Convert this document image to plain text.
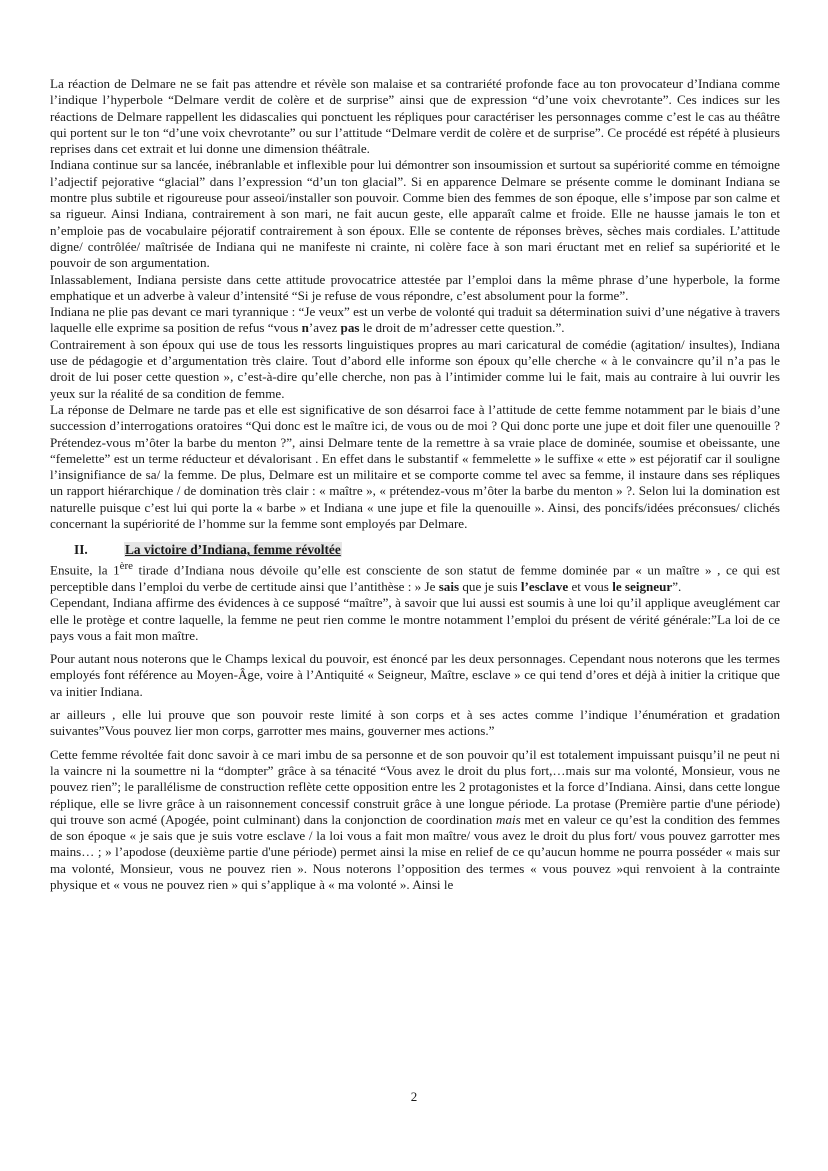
La réaction de Delmare ne se fait pas attendre et révèle son malaise et sa contrariété profonde face au ton provocateur d’Indiana comme l’indique l’hyperbole “Delmare verdit de colère et de surprise” ainsi que de expression “d’une voix chevrotante”. Ces indices sur les réactions de Delmare rappellent les didascalies qui ponctuent les répliques pour caractériser les personnages comme c’est le cas au théâtre qui portent sur le ton “d’une voix chevrotante” ou sur l’attitude “Delmare verdit de colère et de surprise”. Ce procédé est répété à plusieurs reprises dans cet extrait et lui donne une dimension théâtrale.

Indiana continue sur sa lancée, inébranlable et inflexible pour lui démontrer son insoumission et surtout sa supériorité comme en témoigne l’adjectif pejorative “glacial” dans l’expression “d’un ton glacial”. Si en apparence Delmare se présente comme le dominant Indiana se montre plus subtile et rigoureuse pour asseoi/installer son pouvoir. Comme bien des femmes de son époque, elle s’impose par son calme et sa rigueur. Ainsi Indiana, contrairement à son mari, ne fait aucun geste, elle apparaît calme et froide. Elle ne hausse jamais le ton et n’emploie pas de vocabulaire péjoratif contrairement à son époux. Elle se contente de réponses brèves, sèches mais cordiales. L’attitude digne/ contrôlée/ maîtrisée de Indiana qui ne manifeste ni crainte, ni colère face à son mari éructant met en relief sa supériorité et le pouvoir de son argumentation.

Inlassablement, Indiana persiste dans cette attitude provocatrice attestée par l’emploi dans la même phrase d’une hyperbole, la forme emphatique et un adverbe à valeur d’intensité “Si je refuse de vous répondre, c’est absolument pour la forme”.

Indiana ne plie pas devant ce mari tyrannique : “Je veux” est un verbe de volonté qui traduit sa détermination suivi d’une négative à travers laquelle elle exprime sa position de refus “vous n’avez pas le droit de m’adresser cette question.”.

Contrairement à son époux qui use de tous les ressorts linguistiques propres au mari caricatural de comédie (agitation/ insultes), Indiana use de pédagogie et d’argumentation très claire. Tout d’abord elle informe son époux qu’elle cherche « à le convaincre qu’il n’a pas le droit de lui poser cette question », c’est-à-dire qu’elle cherche, non pas à l’intimider comme lui le fait, mais au contraire à lui ouvrir les yeux sur la réalité de sa condition de femme.

La réponse de Delmare ne tarde pas et elle est significative de son désarroi face à l’attitude de cette femme notamment par le biais d’une succession d’interrogations oratoires “Qui donc est le maître ici, de vous ou de moi ? Qui donc porte une jupe et doit filer une quenouille ? Prétendez-vous m’ôter la barbe du menton ?”, ainsi Delmare tente de la remettre à sa vraie place de dominée, soumise et obeissante, une “femelette” est un terme réducteur et dévalorisant . En effet dans le substantif « femmelette » le suffixe « ette » est péjoratif car il souligne l’insignifiance de sa/ la femme. De plus, Delmare est un militaire et se comporte comme tel avec sa femme, il instaure dans ses répliques un rapport hiérarchique / de domination très clair : « maître », « prétendez-vous m’ôter la barbe du menton » ?. Selon lui la domination est naturelle puisque c’est lui qui porte la « barbe » et Indiana « une jupe et file la quenouille ». Ainsi, des poncifs/idées préconsues/ clichés concernant la supériorité de l’homme sur la femme sont employés par Delmare.

II.	La victoire d’Indiana, femme révoltée

Ensuite, la 1ère tirade d’Indiana nous dévoile qu’elle est consciente de son statut de femme dominée par « un maître » , ce qui est perceptible dans l’emploi du verbe de certitude ainsi que l’antithèse : » Je sais que je suis l’esclave et vous le seigneur”.

Cependant, Indiana affirme des évidences à ce supposé “maître”, à savoir que lui aussi est soumis à une loi qu’il applique aveuglément car elle le protège et contre laquelle, la femme ne peut rien comme le montre notamment l’emploi du présent de vérité générale:”La loi de ce pays vous a fait mon maître.

Pour autant nous noterons que le Champs lexical du pouvoir, est énoncé par les deux personnages. Cependant nous noterons que les termes employés font référence au Moyen-Âge, voire à l’Antiquité « Seigneur, Maître, esclave » ce qui tend d’ores et déjà à initier la critique que va initier Indiana.

ar ailleurs , elle lui prouve que son pouvoir reste limité à son corps et à ses actes comme l’indique l’énumération et gradation suivantes”Vous pouvez lier mon corps, garrotter mes mains, gouverner mes actions.”

Cette femme révoltée fait donc savoir à ce mari imbu de sa personne et de son pouvoir qu’il est totalement impuissant puisqu’il ne peut ni la vaincre ni la soumettre ni la “dompter” grâce à sa ténacité “Vous avez le droit du plus fort,…mais sur ma volonté, Monsieur, vous ne pouvez rien”; le parallélisme de construction reflète cette opposition entre les 2 protagonistes et la force d’Indiana. Ainsi, dans cette longue réplique, elle se livre grâce à un raisonnement concessif construit grâce à une longue période. La protase (Première partie d'une période) qui trouve son acmé (Apogée, point culminant) dans la conjonction de coordination mais met en valeur ce qu’est la condition des femmes de son époque « je sais que je suis votre esclave / la loi vous a fait mon maître/ vous avez le droit du plus fort/ vous pouvez garrotter mes mains… ; » l’apodose (deuxième partie d'une période) permet ainsi la mise en relief de ce qu’aucun homme ne pourra posséder « mais sur ma volonté, Monsieur, vous ne pouvez rien ». Nous noterons l’opposition des termes « vous pouvez »qui renvoient à la contrainte physique et « vous ne pouvez rien » qui s’applique à « ma volonté ». Ainsi le

2
